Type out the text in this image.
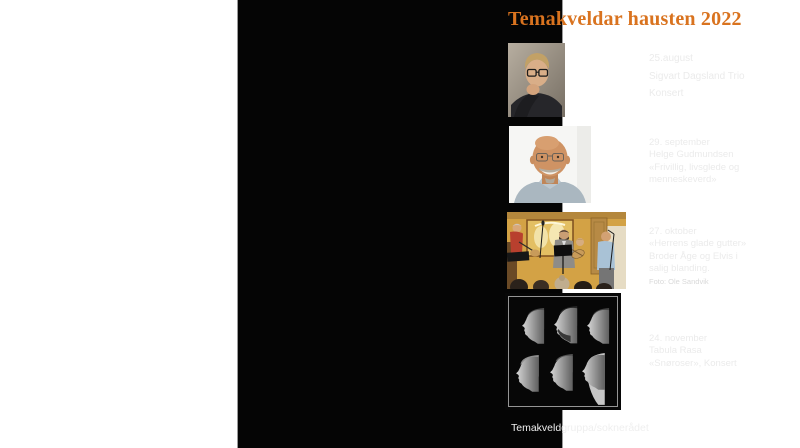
Temakveldar hausten 2022
25.august
Sigvart Dagsland Trio
Konsert
29. september
Helge Gudmundsen
«Frivillig, livsglede og
menneskeverd»
27. oktober
«Herrens glade gutter»
Broder Åge og Elvis i
salig blanding.
Foto: Ole Sandvik
24. november
Tabula Rasa
«Snøroser», Konsert
Temakveldgruppa/soknerådet
